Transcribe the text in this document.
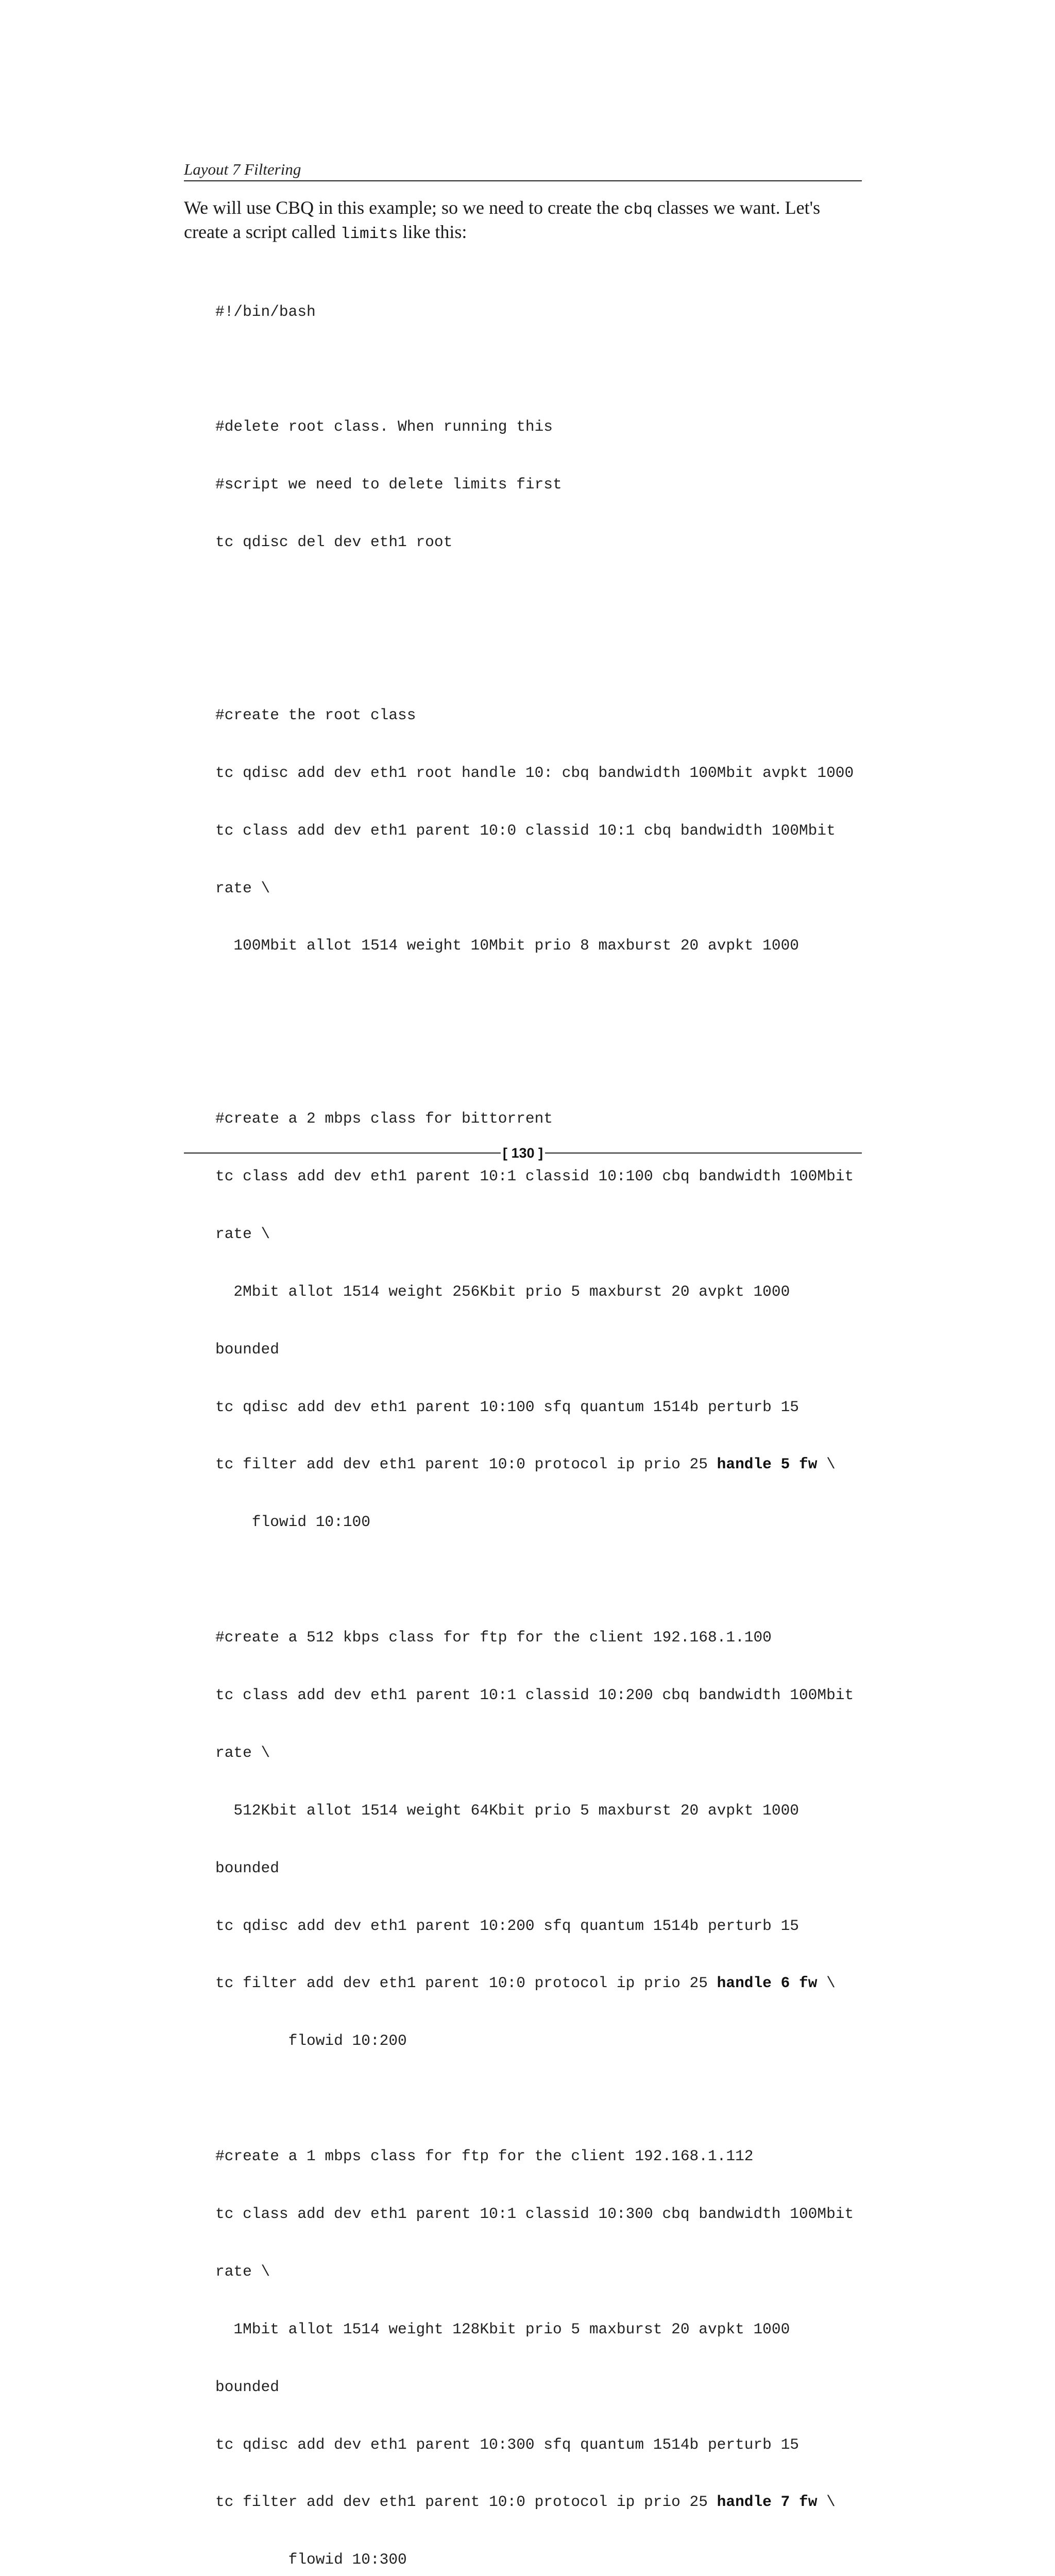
Layout 7 Filtering

We will use CBQ in this example; so we need to create the cbq classes we want. Let's create a script called limits like this:

#!/bin/bash

#delete root class. When running this

#script we need to delete limits first

tc qdisc del dev eth1 root

#create the root class

tc qdisc add dev eth1 root handle 10: cbq bandwidth 100Mbit avpkt 1000

tc class add dev eth1 parent 10:0 classid 10:1 cbq bandwidth 100Mbit

rate \

100Mbit allot 1514 weight 10Mbit prio 8 maxburst 20 avpkt 1000

#create a 2 mbps class for bittorrent

tc class add dev eth1 parent 10:1 classid 10:100 cbq bandwidth 100Mbit

rate \

2Mbit allot 1514 weight 256Kbit prio 5 maxburst 20 avpkt 1000

bounded

tc qdisc add dev eth1 parent 10:100 sfq quantum 1514b perturb 15

tc filter add dev eth1 parent 10:0 protocol ip prio 25 handle 5 fw \

flowid 10:100

#create a 512 kbps class for ftp for the client 192.168.1.100

tc class add dev eth1 parent 10:1 classid 10:200 cbq bandwidth 100Mbit

rate \

512Kbit allot 1514 weight 64Kbit prio 5 maxburst 20 avpkt 1000

bounded

tc qdisc add dev eth1 parent 10:200 sfq quantum 1514b perturb 15

tc filter add dev eth1 parent 10:0 protocol ip prio 25 handle 6 fw \

flowid 10:200

#create a 1 mbps class for ftp for the client 192.168.1.112

tc class add dev eth1 parent 10:1 classid 10:300 cbq bandwidth 100Mbit

rate \

1Mbit allot 1514 weight 128Kbit prio 5 maxburst 20 avpkt 1000

bounded

tc qdisc add dev eth1 parent 10:300 sfq quantum 1514b perturb 15

tc filter add dev eth1 parent 10:0 protocol ip prio 25 handle 7 fw \

flowid 10:300

[ 130 ]
